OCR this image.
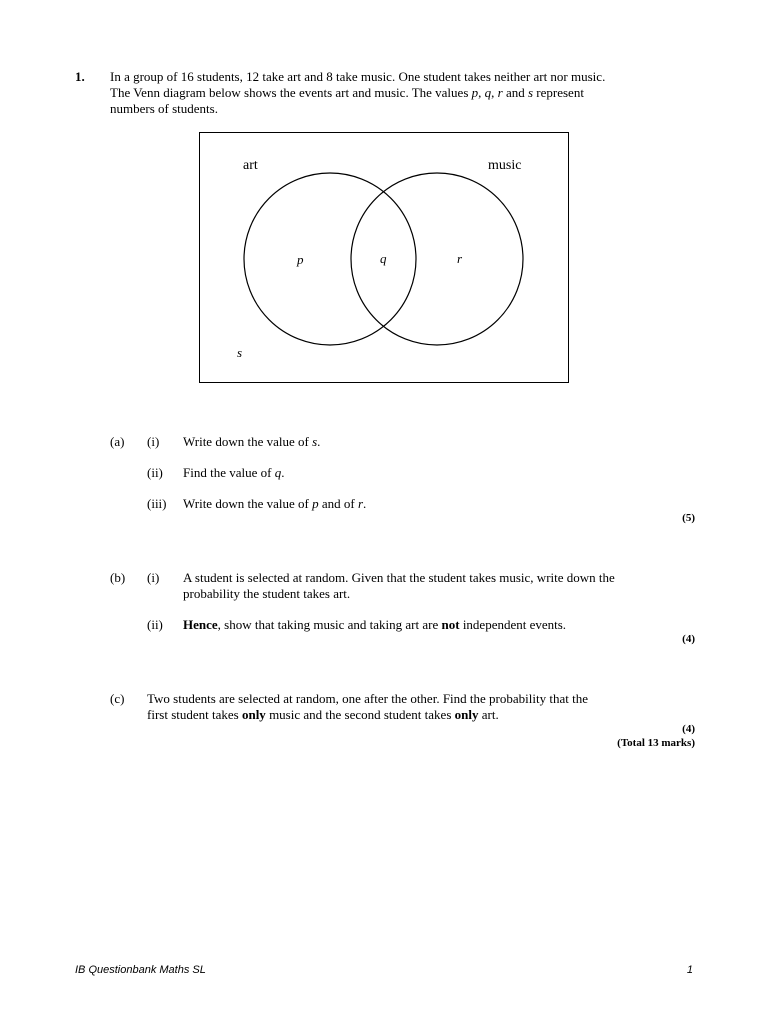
1. In a group of 16 students, 12 take art and 8 take music. One student takes neither art nor music.
The Venn diagram below shows the events art and music. The values p, q, r and s represent
numbers of students.
art	music
p	q	r
s
(a) (i) Write down the value of s.
(ii) Find the value of q.
(iii) Write down the value of p and of r.
(5)
(b) (i) A student is selected at random. Given that the student takes music, write down the
probability the student takes art.
(ii) Hence, show that taking music and taking art are not independent events.
(4)
(c) Two students are selected at random, one after the other. Find the probability that the
first student takes only music and the second student takes only art.
(4)
(Total 13 marks)
IB Questionbank Maths SL	1
